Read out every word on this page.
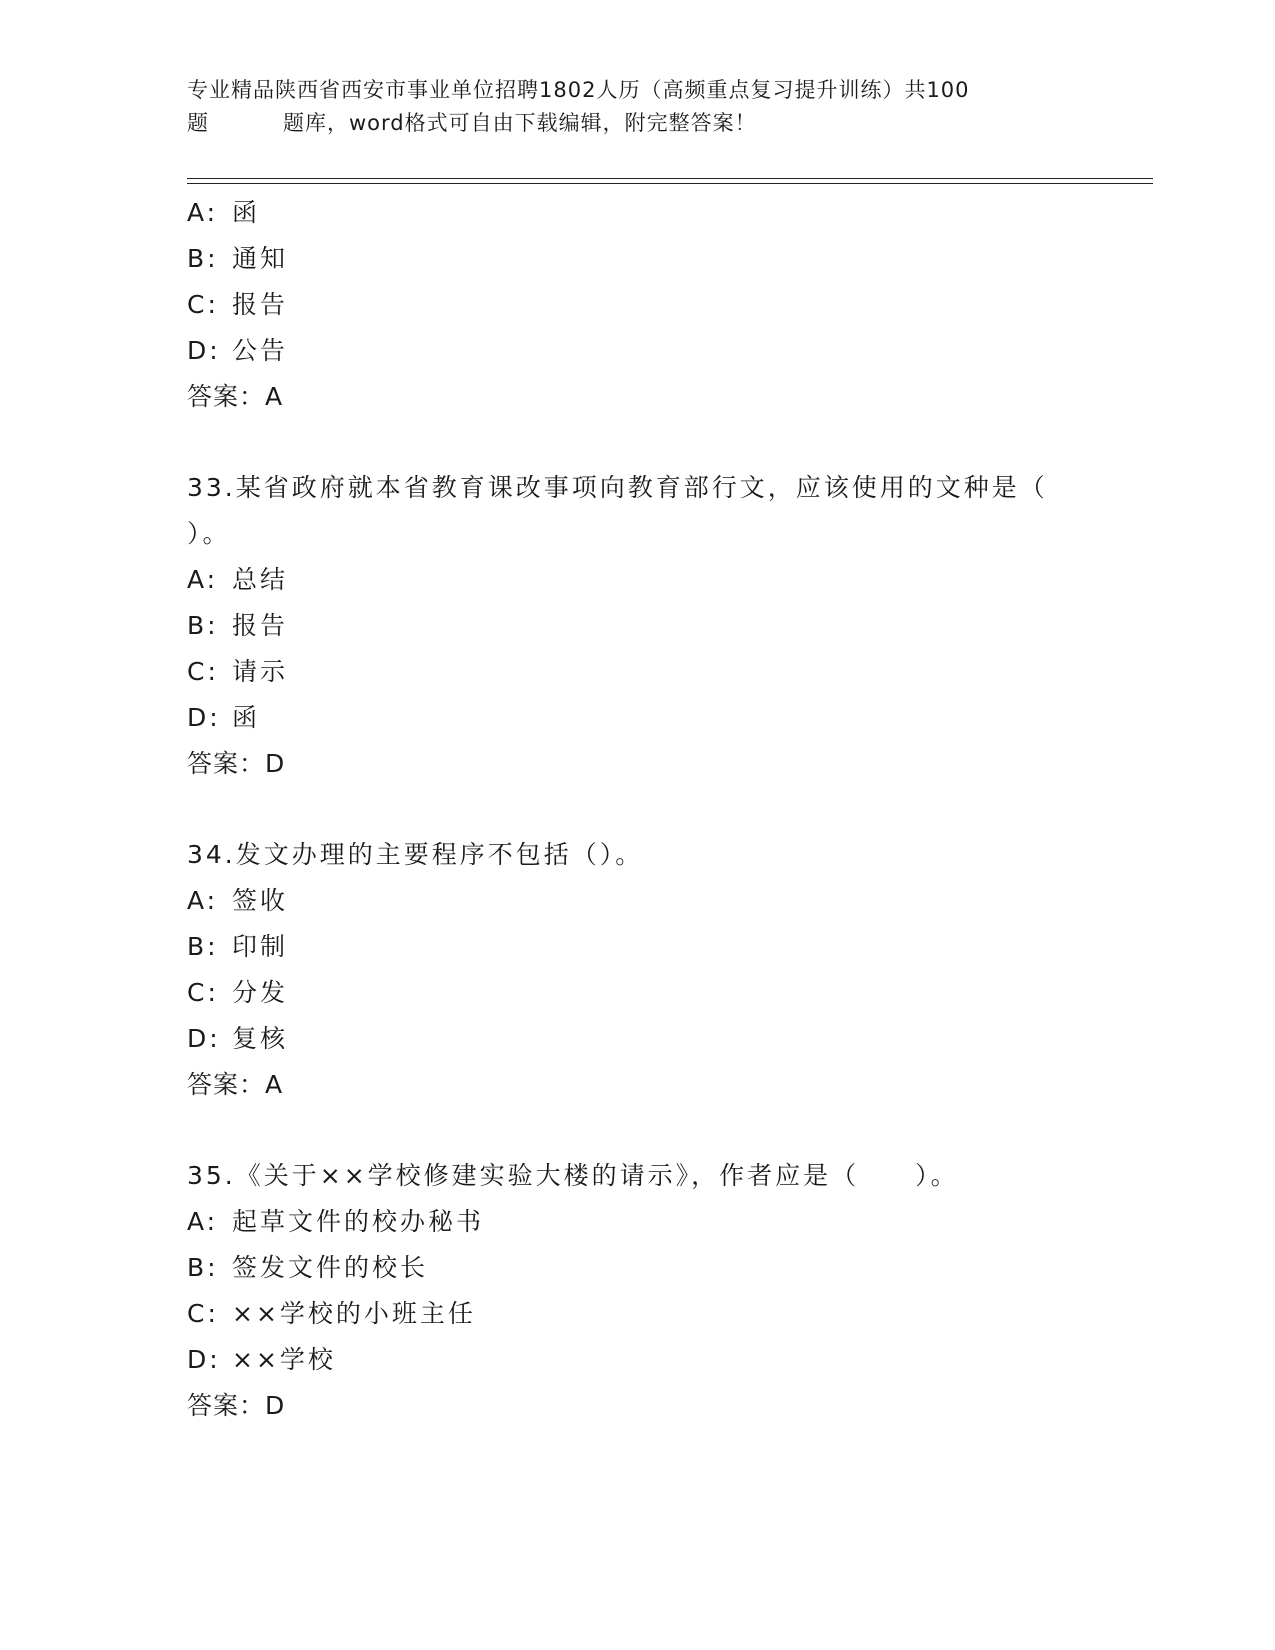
专业精品陕西省西安市事业单位招聘1802人历（高频重点复习提升训练）共100
题	题库，word格式可自由下载编辑，附完整答案！
A: 函
B: 通知
C: 报告
D: 公告
答案：A
33.某省政府就本省教育课改事项向教育部行文，应该使用的文种是（
）。
A: 总结
B: 报告
C: 请示
D: 函
答案：D
34.发文办理的主要程序不包括（）。
A: 签收
B: 印制
C: 分发
D: 复核
答案：A
35.《关于××学校修建实验大楼的请示》，作者应是（　　）。
A: 起草文件的校办秘书
B: 签发文件的校长
C: ××学校的小班主任
D: ××学校
答案：D
